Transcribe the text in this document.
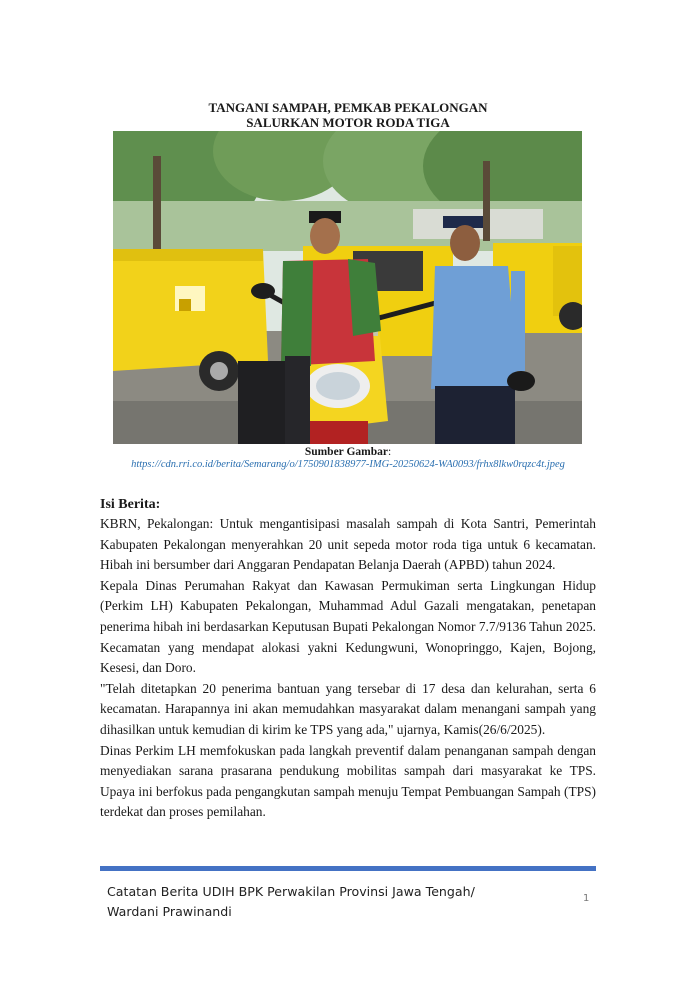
TANGANI SAMPAH, PEMKAB PEKALONGAN
SALURKAN MOTOR RODA TIGA
Sumber Gambar:
https://cdn.rri.co.id/berita/Semarang/o/1750901838977-IMG-20250624-WA0093/frhx8lkw0rqzc4t.jpeg
Isi Berita:

KBRN, Pekalongan: Untuk mengantisipasi masalah sampah di Kota Santri, Pemerintah Kabupaten Pekalongan menyerahkan 20 unit sepeda motor roda tiga untuk 6 kecamatan. Hibah ini bersumber dari Anggaran Pendapatan Belanja Daerah (APBD) tahun 2024.

Kepala Dinas Perumahan Rakyat dan Kawasan Permukiman serta Lingkungan Hidup (Perkim LH) Kabupaten Pekalongan, Muhammad Adul Gazali mengatakan, penetapan penerima hibah ini berdasarkan Keputusan Bupati Pekalongan Nomor 7.7/9136 Tahun 2025. Kecamatan yang mendapat alokasi yakni Kedungwuni, Wonopringgo, Kajen, Bojong, Kesesi, dan Doro.

"Telah ditetapkan 20 penerima bantuan yang tersebar di 17 desa dan kelurahan, serta 6 kecamatan. Harapannya ini akan memudahkan masyarakat dalam menangani sampah yang dihasilkan untuk kemudian di kirim ke TPS yang ada," ujarnya, Kamis(26/6/2025).

Dinas Perkim LH memfokuskan pada langkah preventif dalam penanganan sampah dengan menyediakan sarana prasarana pendukung mobilitas sampah dari masyarakat ke TPS. Upaya ini berfokus pada pengangkutan sampah menuju Tempat Pembuangan Sampah (TPS) terdekat dan proses pemilahan.

Catatan Berita UDIH BPK Perwakilan Provinsi Jawa Tengah/
Wardani Prawinandi
1
